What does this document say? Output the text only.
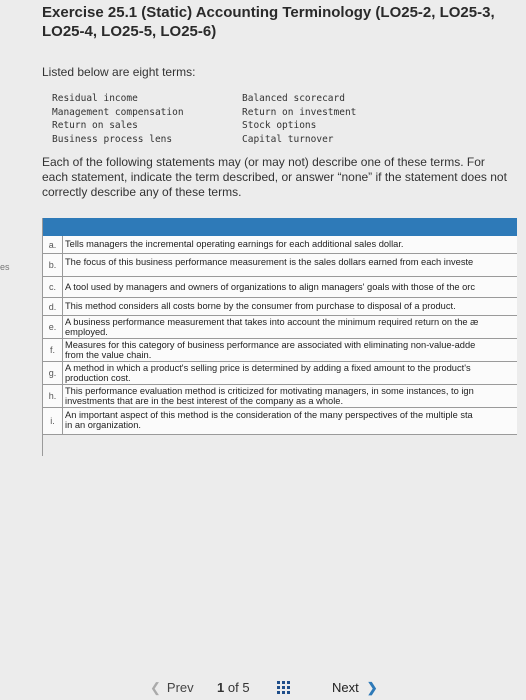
es
Exercise 25.1 (Static) Accounting Terminology (LO25-2, LO25-3, LO25-4, LO25-5, LO25-6)
Listed below are eight terms:
Residual income
Management compensation
Return on sales
Business process lens
Balanced scorecard
Return on investment
Stock options
Capital turnover

Each of the following statements may (or may not) describe one of these terms. For each statement, indicate the term described, or answer “none” if the statement does not correctly describe any of these terms.

a. Tells managers the incremental operating earnings for each additional sales dollar.
b. The focus of this business performance measurement is the sales dollars earned from each investe
c. A tool used by managers and owners of organizations to align managers' goals with those of the orc
d. This method considers all costs borne by the consumer from purchase to disposal of a product.
e. A business performance measurement that takes into account the minimum required return on the æ
employed.
f.	Measures for this category of business performance are associated with eliminating non-value-adde
from the value chain.
g. A method in which a product's selling price is determined by adding a fixed amount to the product's
production cost.
h. This performance evaluation method is criticized for motivating managers, in some instances, to ign
investments that are in the best interest of the company as a whole.
i.
An important aspect of this method is the consideration of the many perspectives of the multiple sta
in an organization.
❮ Prev 1 of 5	Next ❯
